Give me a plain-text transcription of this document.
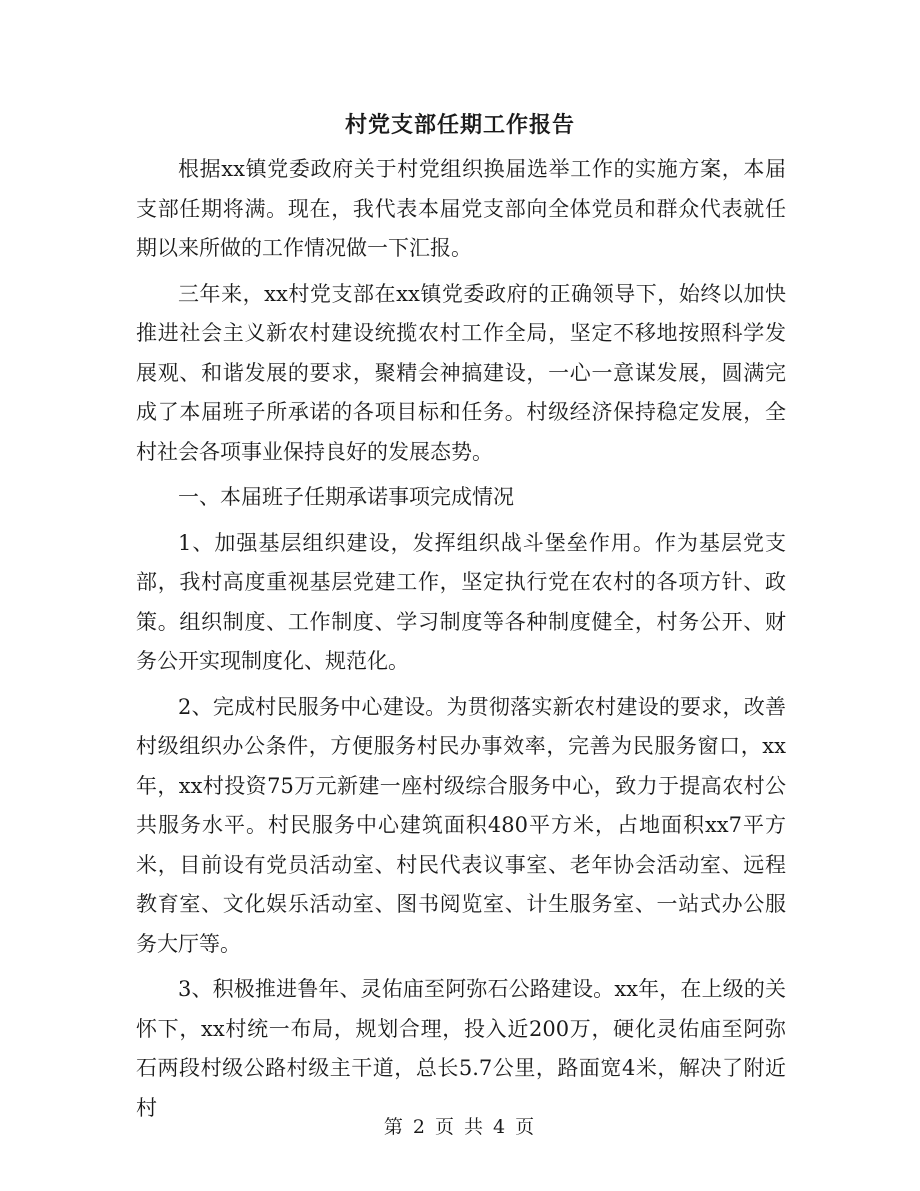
村党支部任期工作报告

根据xx镇党委政府关于村党组织换届选举工作的实施方案，本届支部任期将满。现在，我代表本届党支部向全体党员和群众代表就任期以来所做的工作情况做一下汇报。

三年来，xx村党支部在xx镇党委政府的正确领导下，始终以加快推进社会主义新农村建设统揽农村工作全局，坚定不移地按照科学发展观、和谐发展的要求，聚精会神搞建设，一心一意谋发展，圆满完成了本届班子所承诺的各项目标和任务。村级经济保持稳定发展，全村社会各项事业保持良好的发展态势。

一、本届班子任期承诺事项完成情况

1、加强基层组织建设，发挥组织战斗堡垒作用。作为基层党支部，我村高度重视基层党建工作，坚定执行党在农村的各项方针、政策。组织制度、工作制度、学习制度等各种制度健全，村务公开、财务公开实现制度化、规范化。

2、完成村民服务中心建设。为贯彻落实新农村建设的要求，改善村级组织办公条件，方便服务村民办事效率，完善为民服务窗口，xx年，xx村投资75万元新建一座村级综合服务中心，致力于提高农村公共服务水平。村民服务中心建筑面积480平方米，占地面积xx7平方米，目前设有党员活动室、村民代表议事室、老年协会活动室、远程教育室、文化娱乐活动室、图书阅览室、计生服务室、一站式办公服务大厅等。

3、积极推进鲁年、灵佑庙至阿弥石公路建设。xx年，在上级的关怀下，xx村统一布局，规划合理，投入近200万，硬化灵佑庙至阿弥石两段村级公路村级主干道，总长5.7公里，路面宽4米，解决了附近村

第 2 页 共 4 页
